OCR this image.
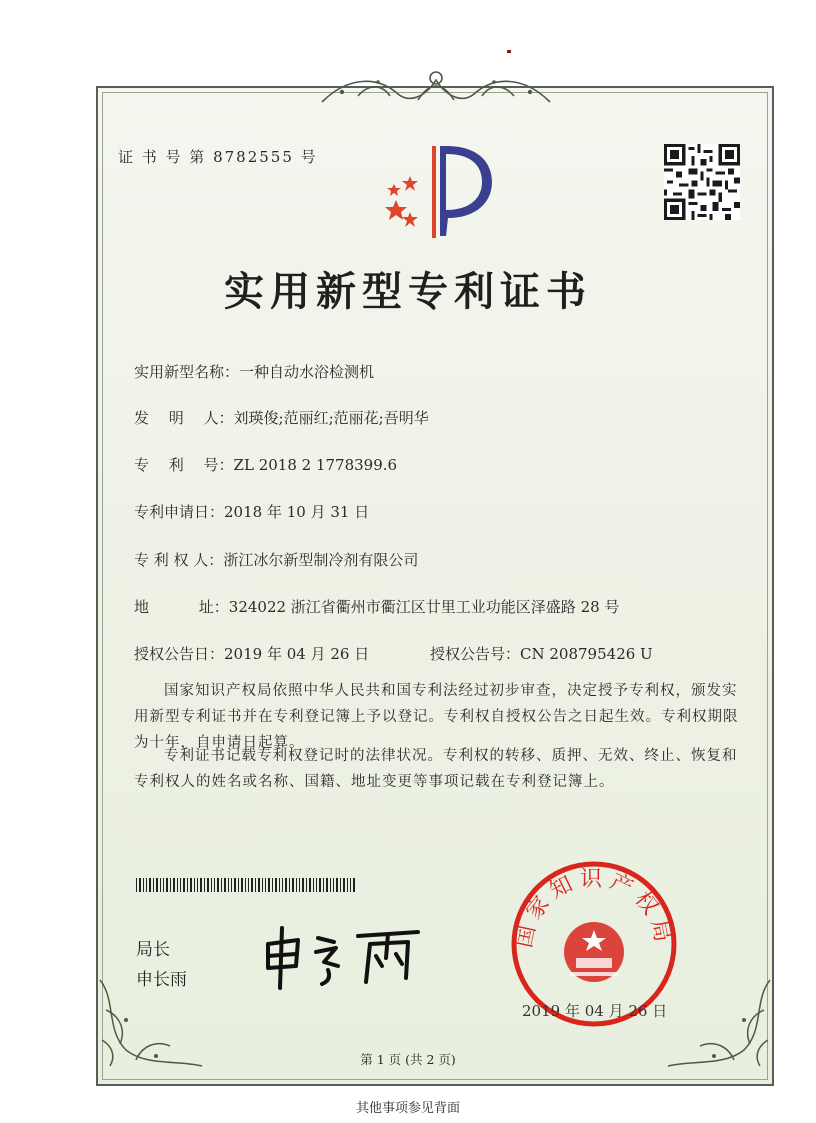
证 书 号 第 8782555 号
实用新型专利证书
实用新型名称：一种自动水浴检测机
发　 明　 人：刘瑛俊;范丽红;范丽花;吾明华
专　 利　 号：ZL 2018 2 1778399.6
专利申请日：2018 年 10 月 31 日
专 利 权 人：浙江冰尔新型制冷剂有限公司
地　　　 址：324022 浙江省衢州市衢江区廿里工业功能区泽盛路 28 号
授权公告日：2019 年 04 月 26 日	授权公告号：CN 208795426 U
国家知识产权局依照中华人民共和国专利法经过初步审查，决定授予专利权，颁发实用新型专利证书并在专利登记簿上予以登记。专利权自授权公告之日起生效。专利权期限为十年，自申请日起算。
专利证书记载专利权登记时的法律状况。专利权的转移、质押、无效、终止、恢复和专利权人的姓名或名称、国籍、地址变更等事项记载在专利登记簿上。
局长
申长雨
国家知识产权局
2019 年 04 月 26 日
第 1 页 (共 2 页)
其他事项参见背面
